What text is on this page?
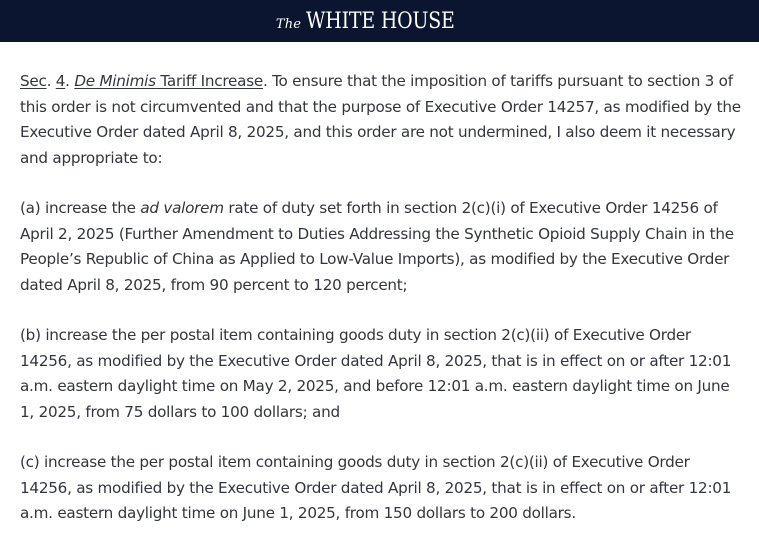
The WHITE HOUSE

Sec. 4. De Minimis Tariff Increase. To ensure that the imposition of tariffs pursuant to section 3 of this order is not circumvented and that the purpose of Executive Order 14257, as modified by the Executive Order dated April 8, 2025, and this order are not undermined, I also deem it necessary and appropriate to:

(a) increase the ad valorem rate of duty set forth in section 2(c)(i) of Executive Order 14256 of April 2, 2025 (Further Amendment to Duties Addressing the Synthetic Opioid Supply Chain in the People’s Republic of China as Applied to Low-Value Imports), as modified by the Executive Order dated April 8, 2025, from 90 percent to 120 percent;

(b) increase the per postal item containing goods duty in section 2(c)(ii) of Executive Order 14256, as modified by the Executive Order dated April 8, 2025, that is in effect on or after 12:01 a.m. eastern daylight time on May 2, 2025, and before 12:01 a.m. eastern daylight time on June 1, 2025, from 75 dollars to 100 dollars; and

(c) increase the per postal item containing goods duty in section 2(c)(ii) of Executive Order 14256, as modified by the Executive Order dated April 8, 2025, that is in effect on or after 12:01 a.m. eastern daylight time on June 1, 2025, from 150 dollars to 200 dollars.
